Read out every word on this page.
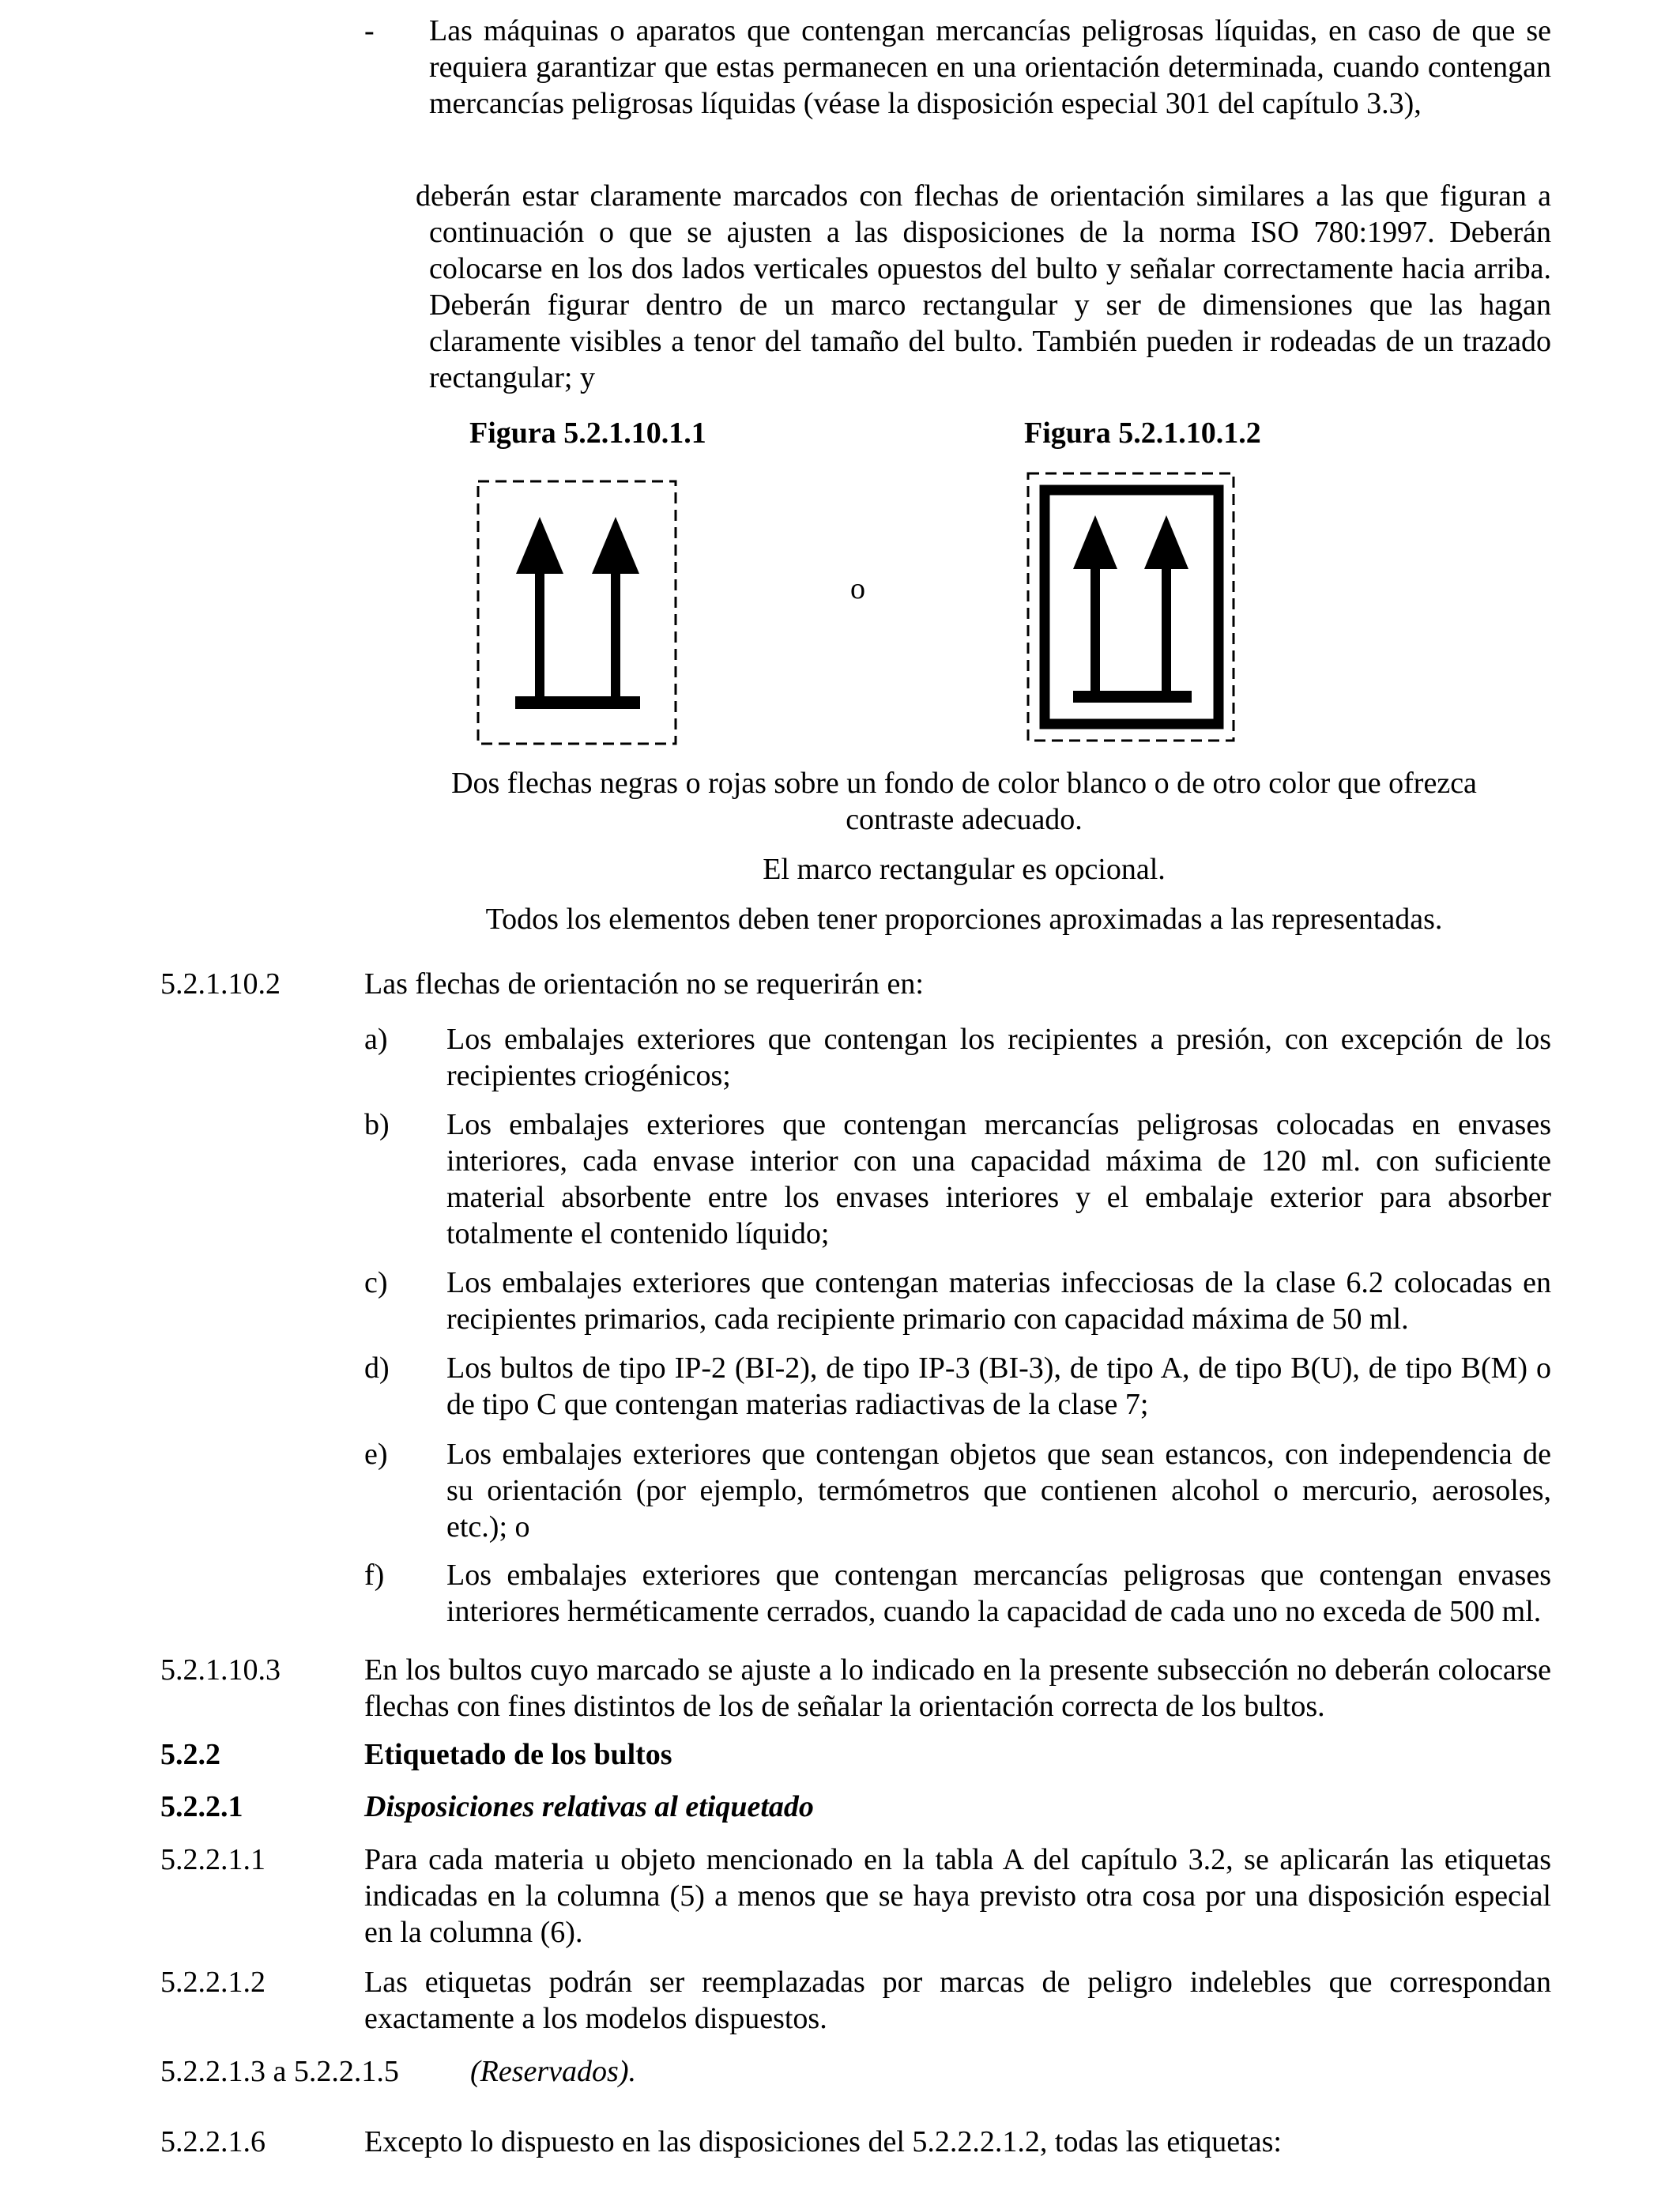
- Las máquinas o aparatos que contengan mercancías peligrosas líquidas, en caso de que se requiera garantizar que estas permanecen en una orientación determinada, cuando contengan mercancías peligrosas líquidas (véase la disposición especial 301 del capítulo 3.3),

deberán estar claramente marcados con flechas de orientación similares a las que figuran a continuación o que se ajusten a las disposiciones de la norma ISO 780:1997. Deberán colocarse en los dos lados verticales opuestos del bulto y señalar correctamente hacia arriba. Deberán figurar dentro de un marco rectangular y ser de dimensiones que las hagan claramente visibles a tenor del tamaño del bulto. También pueden ir rodeadas de un trazado rectangular; y

Figura 5.2.1.10.1.1	Figura 5.2.1.10.1.2
o

Dos flechas negras o rojas sobre un fondo de color blanco o de otro color que ofrezca contraste adecuado.

El marco rectangular es opcional.

Todos los elementos deben tener proporciones aproximadas a las representadas.

5.2.1.10.2	Las flechas de orientación no se requerirán en:

a) Los embalajes exteriores que contengan los recipientes a presión, con excepción de los recipientes criogénicos;

b) Los embalajes exteriores que contengan mercancías peligrosas colocadas en envases interiores, cada envase interior con una capacidad máxima de 120 ml. con suficiente material absorbente entre los envases interiores y el embalaje exterior para absorber totalmente el contenido líquido;

c) Los embalajes exteriores que contengan materias infecciosas de la clase 6.2 colocadas en recipientes primarios, cada recipiente primario con capacidad máxima de 50 ml.

d) Los bultos de tipo IP-2 (BI-2), de tipo IP-3 (BI-3), de tipo A, de tipo B(U), de tipo B(M) o de tipo C que contengan materias radiactivas de la clase 7;

e) Los embalajes exteriores que contengan objetos que sean estancos, con independencia de su orientación (por ejemplo, termómetros que contienen alcohol o mercurio, aerosoles, etc.); o

f) Los embalajes exteriores que contengan mercancías peligrosas que contengan envases interiores herméticamente cerrados, cuando la capacidad de cada uno no exceda de 500 ml.

5.2.1.10.3	En los bultos cuyo marcado se ajuste a lo indicado en la presente subsección no deberán colocarse flechas con fines distintos de los de señalar la orientación correcta de los bultos.

5.2.2	Etiquetado de los bultos
5.2.2.1	Disposiciones relativas al etiquetado
5.2.2.1.1	Para cada materia u objeto mencionado en la tabla A del capítulo 3.2, se aplicarán las etiquetas indicadas en la columna (5) a menos que se haya previsto otra cosa por una disposición especial en la columna (6).

5.2.2.1.2	Las etiquetas podrán ser reemplazadas por marcas de peligro indelebles que correspondan exactamente a los modelos dispuestos.

5.2.2.1.3 a 5.2.2.1.5 (Reservados).
5.2.2.1.6	Excepto lo dispuesto en las disposiciones del 5.2.2.2.1.2, todas las etiquetas:
